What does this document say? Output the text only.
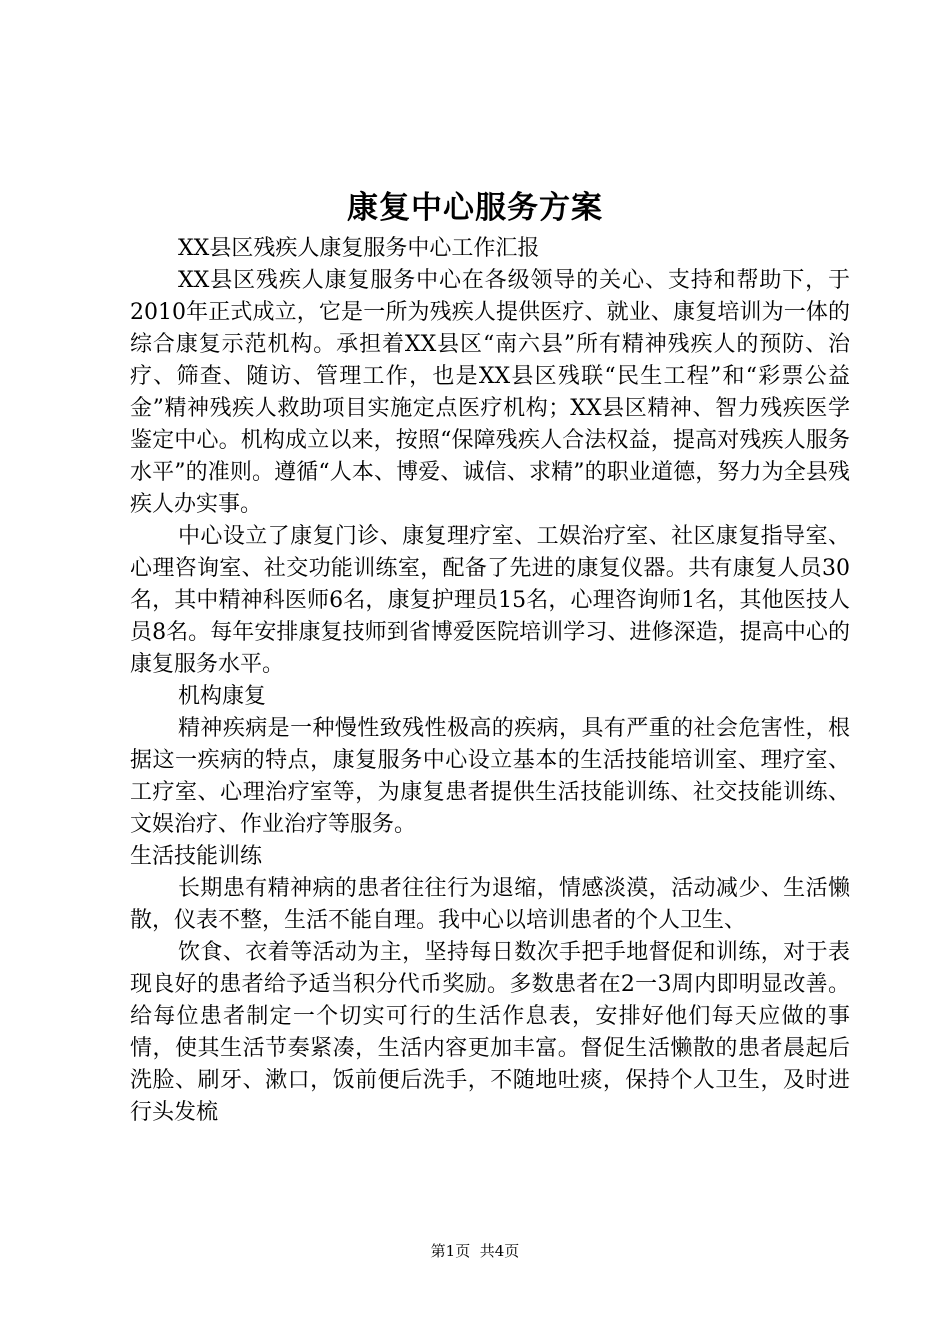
康复中心服务方案

XX县区残疾人康复服务中心工作汇报

XX县区残疾人康复服务中心在各级领导的关心、支持和帮助下，于2010年正式成立，它是一所为残疾人提供医疗、就业、康复培训为一体的综合康复示范机构。承担着XX县区“南六县”所有精神残疾人的预防、治疗、筛查、随访、管理工作，也是XX县区残联“民生工程”和“彩票公益金”精神残疾人救助项目实施定点医疗机构；XX县区精神、智力残疾医学鉴定中心。机构成立以来，按照“保障残疾人合法权益，提高对残疾人服务水平”的准则。遵循“人本、博爱、诚信、求精”的职业道德，努力为全县残疾人办实事。

中心设立了康复门诊、康复理疗室、工娱治疗室、社区康复指导室、心理咨询室、社交功能训练室，配备了先进的康复仪器。共有康复人员30名，其中精神科医师6名，康复护理员15名，心理咨询师1名，其他医技人员8名。每年安排康复技师到省博爱医院培训学习、进修深造，提高中心的康复服务水平。

机构康复

精神疾病是一种慢性致残性极高的疾病，具有严重的社会危害性，根据这一疾病的特点，康复服务中心设立基本的生活技能培训室、理疗室、工疗室、心理治疗室等，为康复患者提供生活技能训练、社交技能训练、文娱治疗、作业治疗等服务。

生活技能训练

长期患有精神病的患者往往行为退缩，情感淡漠，活动减少、生活懒散，仪表不整，生活不能自理。我中心以培训患者的个人卫生、

饮食、衣着等活动为主，坚持每日数次手把手地督促和训练，对于表现良好的患者给予适当积分代币奖励。多数患者在2一3周内即明显改善。给每位患者制定一个切实可行的生活作息表，安排好他们每天应做的事情，使其生活节奏紧凑，生活内容更加丰富。督促生活懒散的患者晨起后洗脸、刷牙、漱口，饭前便后洗手，不随地吐痰，保持个人卫生，及时进行头发梳

第1页 共4页
